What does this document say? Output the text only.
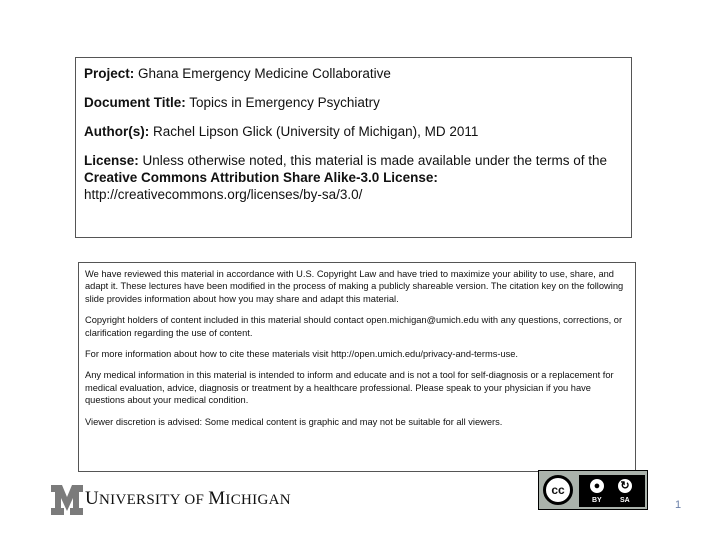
Project: Ghana Emergency Medicine Collaborative

Document Title: Topics in Emergency Psychiatry

Author(s): Rachel Lipson Glick (University of Michigan), MD 2011

License: Unless otherwise noted, this material is made available under the terms of the Creative Commons Attribution Share Alike-3.0 License: http://creativecommons.org/licenses/by-sa/3.0/

We have reviewed this material in accordance with U.S. Copyright Law and have tried to maximize your ability to use, share, and adapt it. These lectures have been modified in the process of making a publicly shareable version. The citation key on the following slide provides information about how you may share and adapt this material.

Copyright holders of content included in this material should contact open.michigan@umich.edu with any questions, corrections, or clarification regarding the use of content.

For more information about how to cite these materials visit http://open.umich.edu/privacy-and-terms-use.

Any medical information in this material is intended to inform and educate and is not a tool for self-diagnosis or a replacement for medical evaluation, advice, diagnosis or treatment by a healthcare professional. Please speak to your physician if you have questions about your medical condition.

Viewer discretion is advised: Some medical content is graphic and may not be suitable for all viewers.

UNIVERSITY OF MICHIGAN
cc	●	↻
BY	SA	1
